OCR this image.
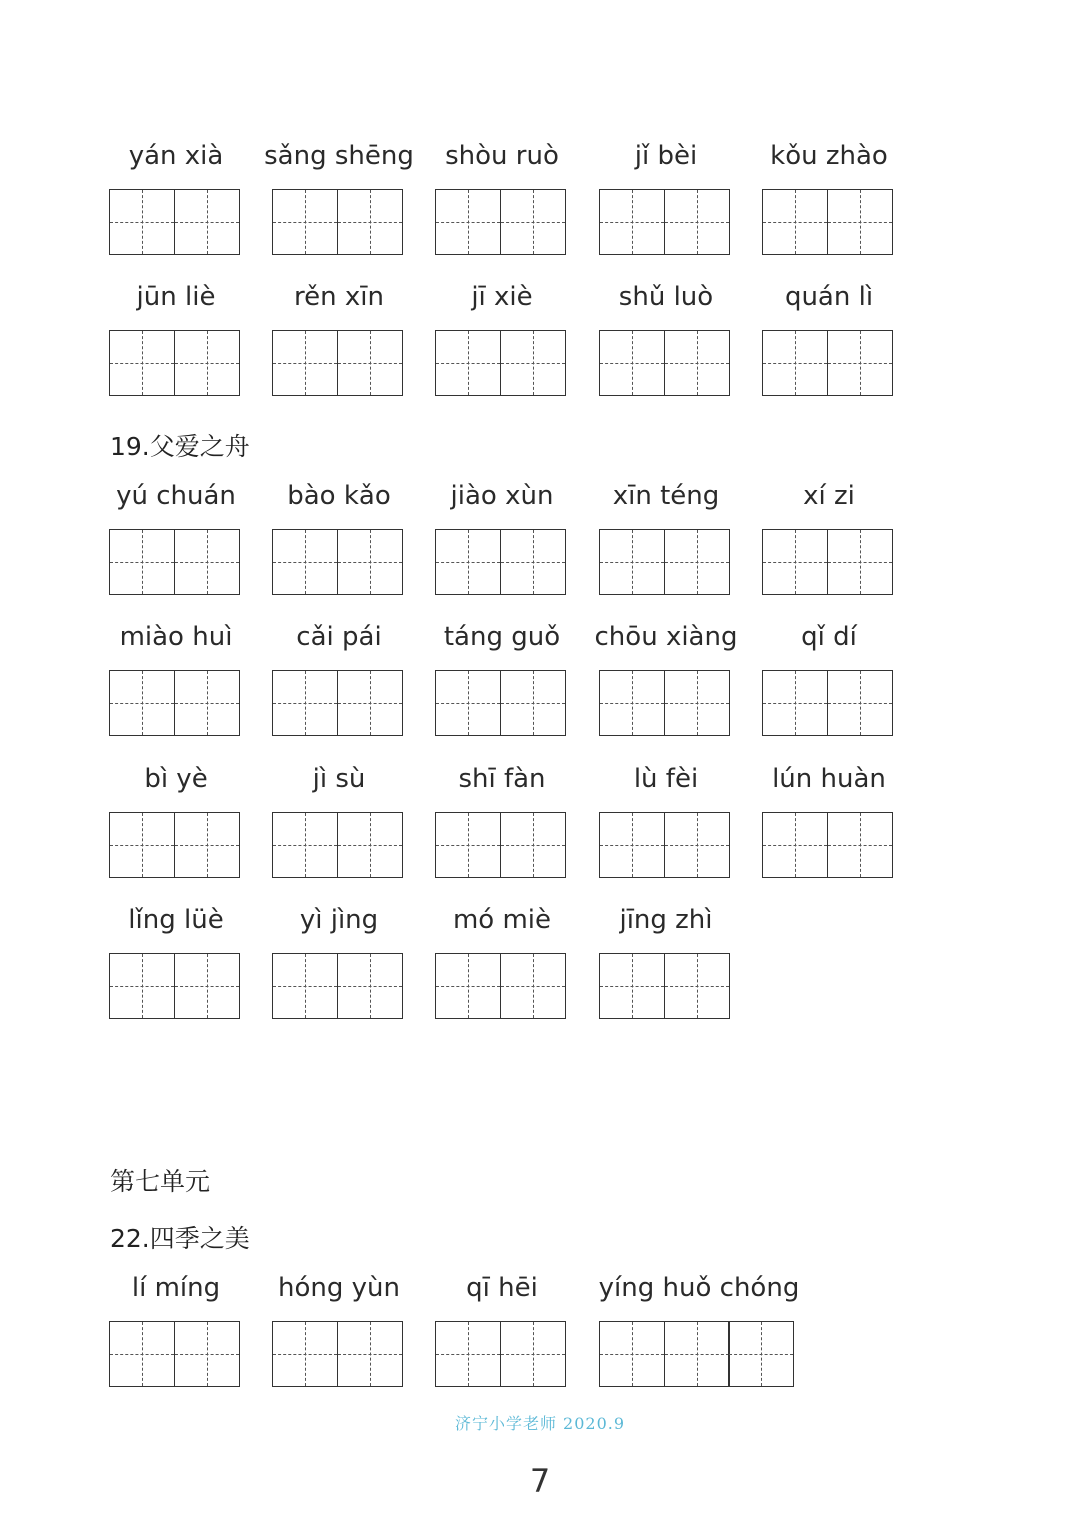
yán xià	sǎng shēng	shòu ruò	jǐ bèi	kǒu zhào
jūn liè	rěn xīn	jī xiè	shǔ luò	quán lì
19.父爱之舟
yú chuán	bào kǎo	jiào xùn	xīn téng	xí zi
miào huì	cǎi pái	táng guǒ	chōu xiàng	qǐ dí
bì yè	jì sù	shī fàn	lù fèi	lún huàn
lǐng lüè	yì jìng	mó miè	jīng zhì
第七单元
22.四季之美
lí míng	hóng yùn	qī hēi	yíng huǒ chóng
济宁小学老师 2020.9
7
